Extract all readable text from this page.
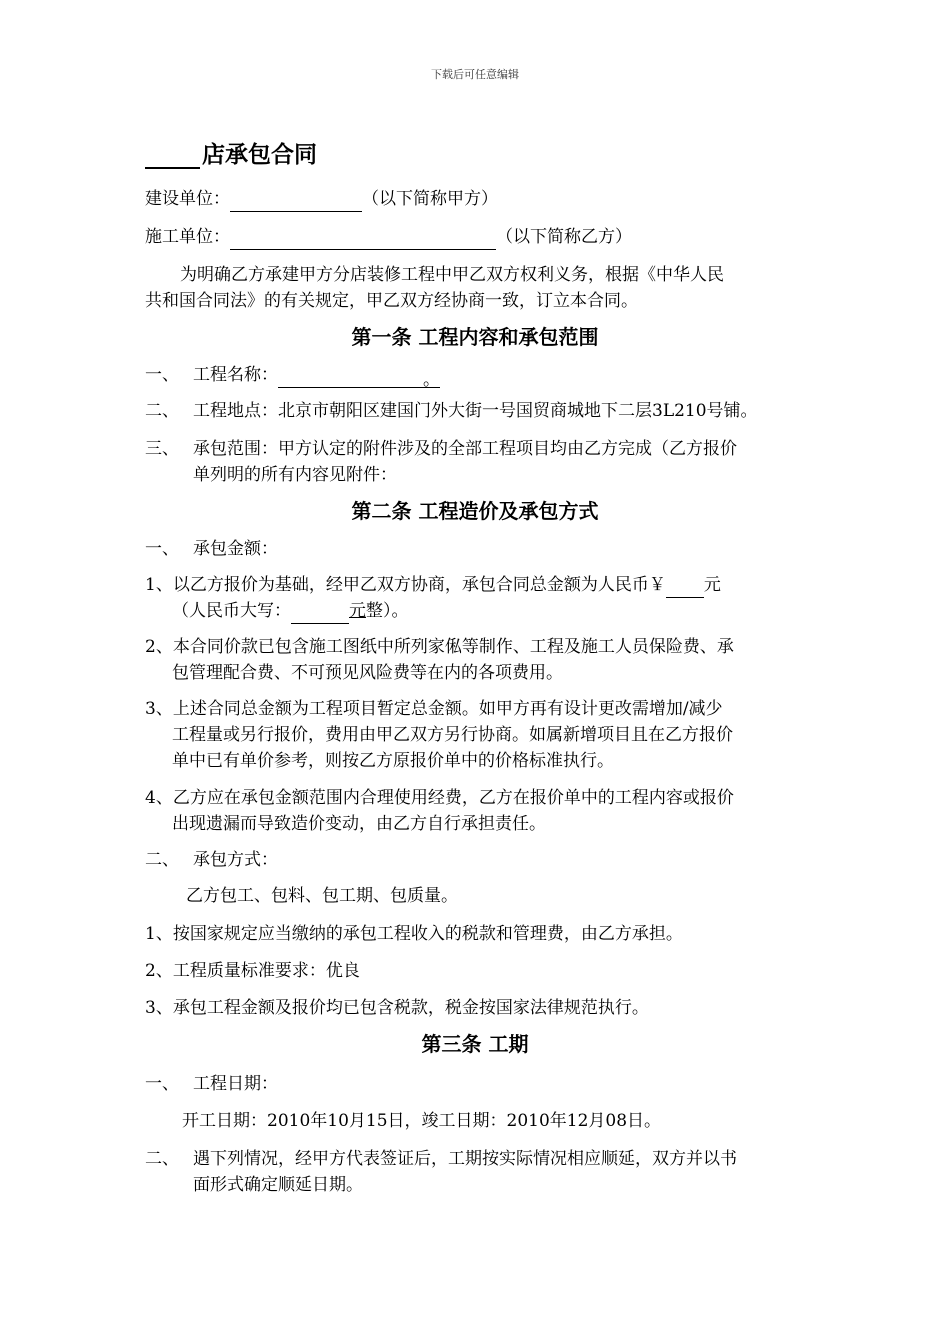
下载后可任意编辑
店承包合同
建设单位：	（以下简称甲方）
施工单位：	（以下简称乙方）
为明确乙方承建甲方分店装修工程中甲乙双方权利义务，根据《中华人民
共和国合同法》的有关规定，甲乙双方经协商一致，订立本合同。
第一条 工程内容和承包范围
一、 工程名称：	。
二、 工程地点：北京市朝阳区建国门外大街一号国贸商城地下二层3L210号铺。
三、 承包范围：甲方认定的附件涉及的全部工程项目均由乙方完成（乙方报价
单列明的所有内容见附件：
第二条 工程造价及承包方式
一、 承包金额：
1、以乙方报价为基础，经甲乙双方协商，承包合同总金额为人民币￥ 元
（人民币大写：	元整）。
2、本合同价款已包含施工图纸中所列家俬等制作、工程及施工人员保险费、承
包管理配合费、不可预见风险费等在内的各项费用。
3、上述合同总金额为工程项目暂定总金额。如甲方再有设计更改需增加/减少
工程量或另行报价，费用由甲乙双方另行协商。如属新增项目且在乙方报价
单中已有单价参考，则按乙方原报价单中的价格标准执行。
4、乙方应在承包金额范围内合理使用经费，乙方在报价单中的工程内容或报价
出现遗漏而导致造价变动，由乙方自行承担责任。
二、 承包方式：
乙方包工、包料、包工期、包质量。
1、按国家规定应当缴纳的承包工程收入的税款和管理费，由乙方承担。
2、工程质量标准要求：优良
3、承包工程金额及报价均已包含税款，税金按国家法律规范执行。
第三条 工期
一、 工程日期：
开工日期：2010年10月15日，竣工日期：2010年12月08日。
二、 遇下列情况，经甲方代表签证后，工期按实际情况相应顺延，双方并以书
面形式确定顺延日期。
